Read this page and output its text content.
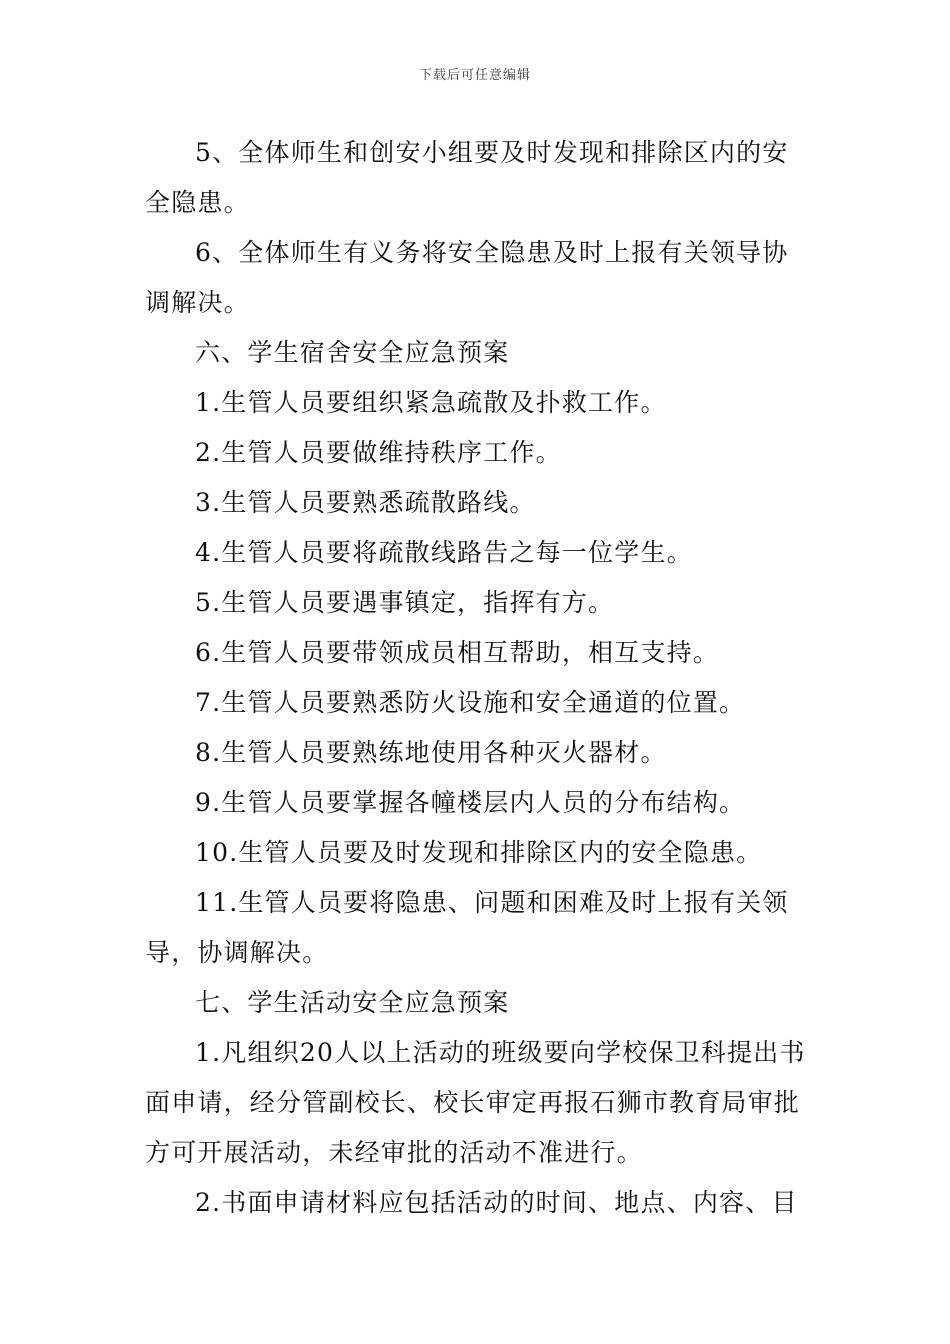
下载后可任意编辑

5、全体师生和创安小组要及时发现和排除区内的安全隐患。

6、全体师生有义务将安全隐患及时上报有关领导协调解决。

六、学生宿舍安全应急预案

1.生管人员要组织紧急疏散及扑救工作。

2.生管人员要做维持秩序工作。

3.生管人员要熟悉疏散路线。

4.生管人员要将疏散线路告之每一位学生。

5.生管人员要遇事镇定，指挥有方。

6.生管人员要带领成员相互帮助，相互支持。

7.生管人员要熟悉防火设施和安全通道的位置。

8.生管人员要熟练地使用各种灭火器材。

9.生管人员要掌握各幢楼层内人员的分布结构。

10.生管人员要及时发现和排除区内的安全隐患。

11.生管人员要将隐患、问题和困难及时上报有关领导，协调解决。

七、学生活动安全应急预案

1.凡组织20人以上活动的班级要向学校保卫科提出书面申请，经分管副校长、校长审定再报石狮市教育局审批方可开展活动，未经审批的活动不准进行。

2.书面申请材料应包括活动的时间、地点、内容、目
